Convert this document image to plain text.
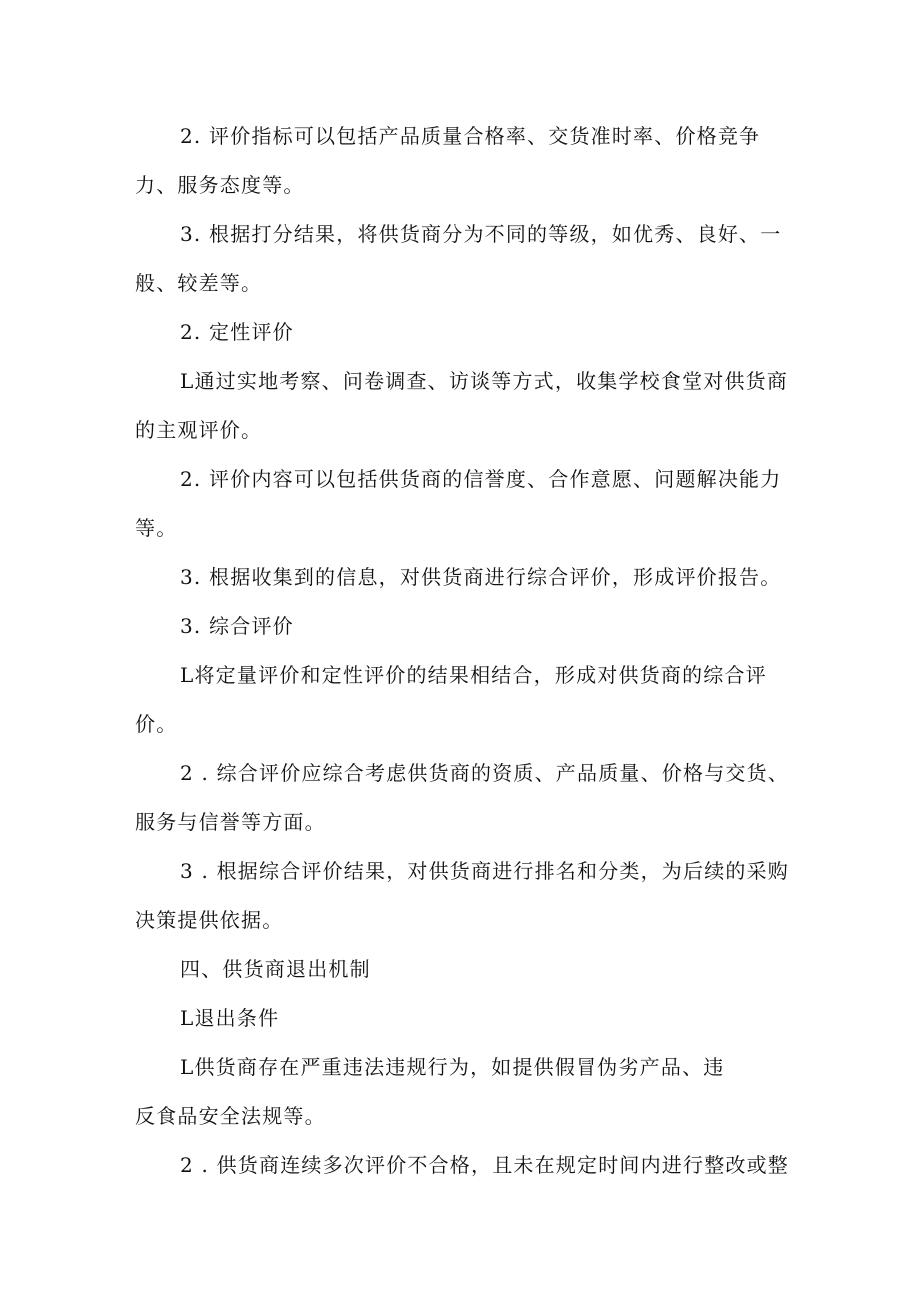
2. 评价指标可以包括产品质量合格率、交货准时率、价格竞争力、服务态度等。

3. 根据打分结果，将供货商分为不同的等级，如优秀、良好、一般、较差等。

2. 定性评价

L通过实地考察、问卷调查、访谈等方式，收集学校食堂对供货商的主观评价。

2. 评价内容可以包括供货商的信誉度、合作意愿、问题解决能力等。

3. 根据收集到的信息，对供货商进行综合评价，形成评价报告。

3. 综合评价

L将定量评价和定性评价的结果相结合，形成对供货商的综合评价。

2 . 综合评价应综合考虑供货商的资质、产品质量、价格与交货、服务与信誉等方面。

3 . 根据综合评价结果，对供货商进行排名和分类，为后续的采购决策提供依据。

四、供货商退出机制

L退出条件

L供货商存在严重违法违规行为，如提供假冒伪劣产品、违
反食品安全法规等。

2 . 供货商连续多次评价不合格，且未在规定时间内进行整改或整
